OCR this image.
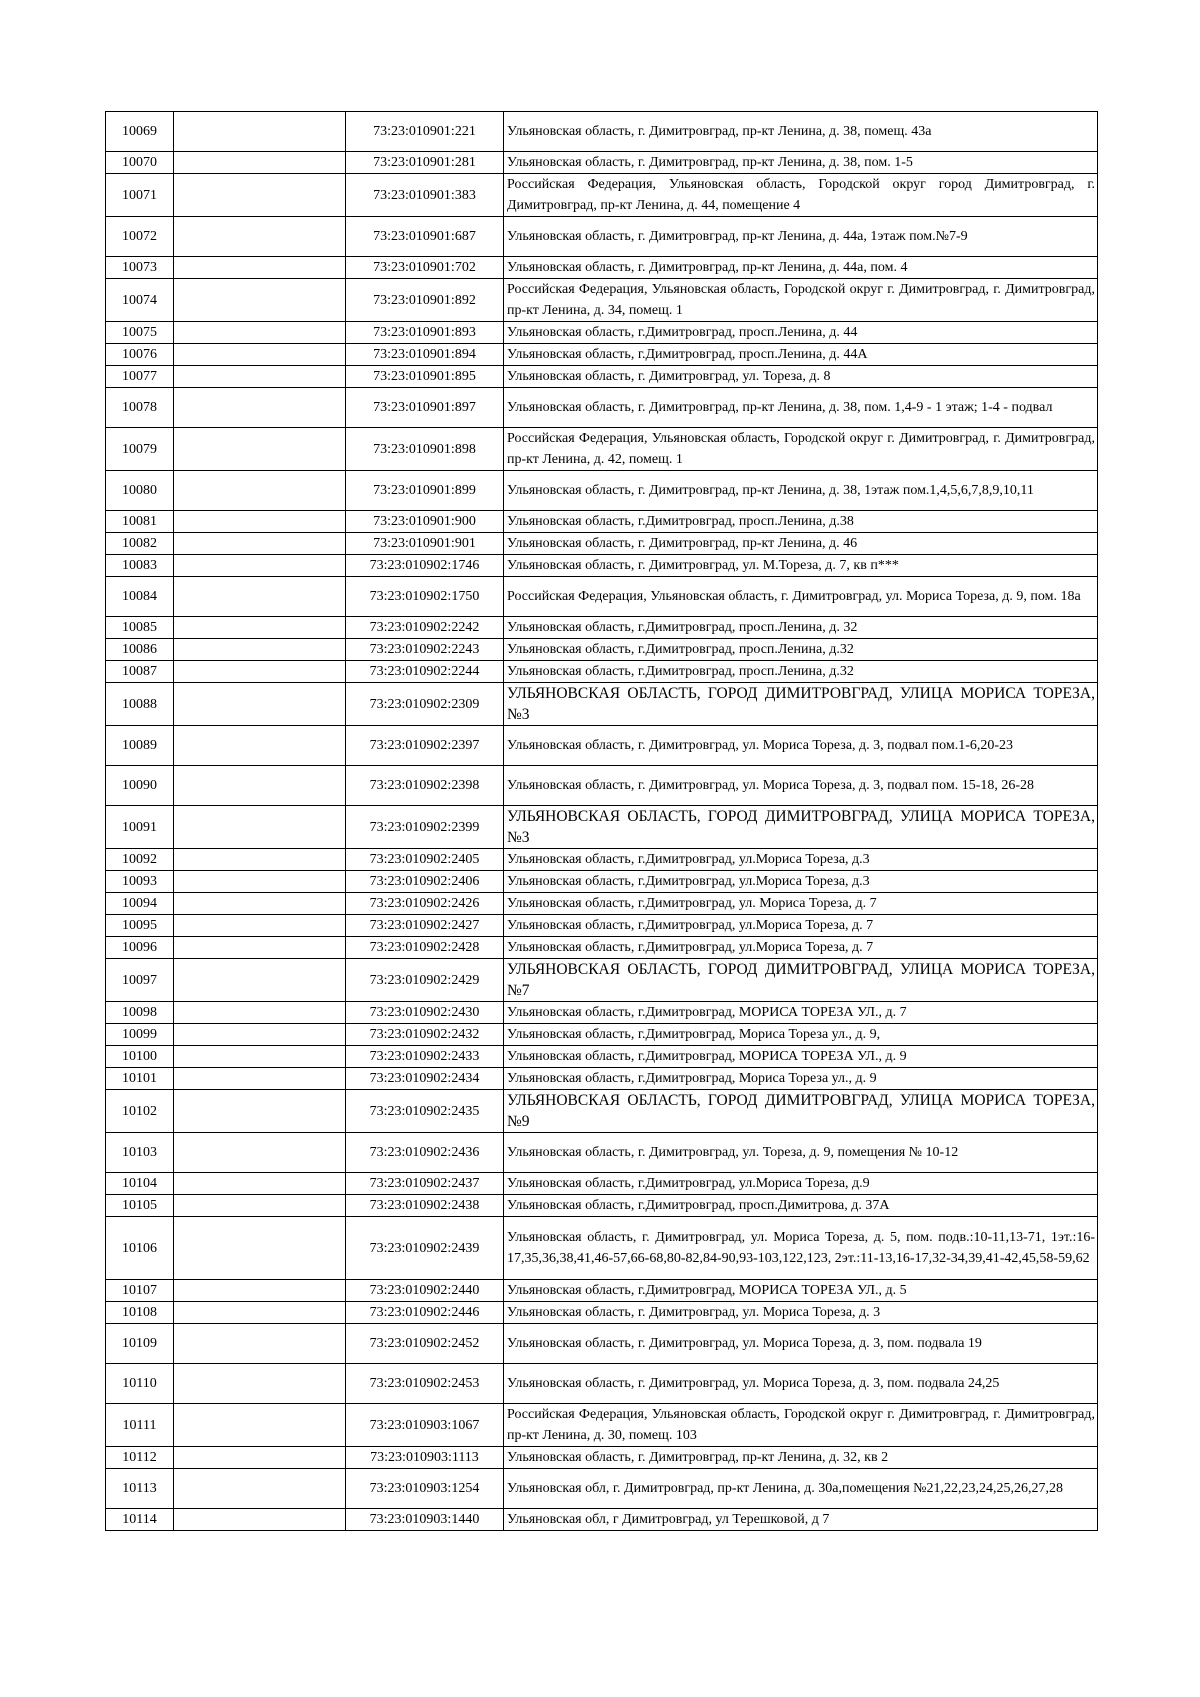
10069		73:23:010901:221	Ульяновская область, г. Димитровград, пр-кт Ленина, д. 38, помещ. 43а
10070		73:23:010901:281	Ульяновская область, г. Димитровград, пр-кт Ленина, д. 38, пом. 1-5
10071		73:23:010901:383	Российская Федерация, Ульяновская область, Городской округ город Димитровград, г. Димитровград, пр-кт Ленина, д. 44, помещение 4
10072		73:23:010901:687	Ульяновская область, г. Димитровград, пр-кт Ленина, д. 44а, 1этаж пом.№7-9
10073		73:23:010901:702	Ульяновская область, г. Димитровград, пр-кт Ленина, д. 44а, пом. 4
10074		73:23:010901:892	Российская Федерация, Ульяновская область, Городской округ г. Димитровград, г. Димитровград, пр-кт Ленина, д. 34, помещ. 1
10075		73:23:010901:893	Ульяновская область, г.Димитровград, просп.Ленина, д. 44
10076		73:23:010901:894	Ульяновская область, г.Димитровград, просп.Ленина, д. 44А
10077		73:23:010901:895	Ульяновская область, г. Димитровград, ул. Тореза, д. 8
10078		73:23:010901:897	Ульяновская область, г. Димитровград, пр-кт Ленина, д. 38, пом. 1,4-9 - 1 этаж; 1-4 - подвал
10079		73:23:010901:898	Российская Федерация, Ульяновская область, Городской округ г. Димитровград, г. Димитровград, пр-кт Ленина, д. 42, помещ. 1
10080		73:23:010901:899	Ульяновская область, г. Димитровград, пр-кт Ленина, д. 38, 1этаж пом.1,4,5,6,7,8,9,10,11
10081		73:23:010901:900	Ульяновская область, г.Димитровград, просп.Ленина, д.38
10082		73:23:010901:901	Ульяновская область, г. Димитровград, пр-кт Ленина, д. 46
10083		73:23:010902:1746	Ульяновская область, г. Димитровград, ул. М.Тореза, д. 7, кв п***
10084		73:23:010902:1750	Российская Федерация, Ульяновская область, г. Димитровград, ул. Мориса Тореза, д. 9, пом. 18а
10085		73:23:010902:2242	Ульяновская область, г.Димитровград, просп.Ленина, д. 32
10086		73:23:010902:2243	Ульяновская область, г.Димитровград, просп.Ленина, д.32
10087		73:23:010902:2244	Ульяновская область, г.Димитровград, просп.Ленина, д.32
10088		73:23:010902:2309	УЛЬЯНОВСКАЯ ОБЛАСТЬ, ГОРОД ДИМИТРОВГРАД, УЛИЦА МОРИСА ТОРЕЗА, №3
10089		73:23:010902:2397	Ульяновская область, г. Димитровград, ул. Мориса Тореза, д. 3, подвал пом.1-6,20-23
10090		73:23:010902:2398	Ульяновская область, г. Димитровград, ул. Мориса Тореза, д. 3, подвал пом. 15-18, 26-28
10091		73:23:010902:2399	УЛЬЯНОВСКАЯ ОБЛАСТЬ, ГОРОД ДИМИТРОВГРАД, УЛИЦА МОРИСА ТОРЕЗА, №3
10092		73:23:010902:2405	Ульяновская область, г.Димитровград, ул.Мориса Тореза, д.3
10093		73:23:010902:2406	Ульяновская область, г.Димитровград, ул.Мориса Тореза, д.3
10094		73:23:010902:2426	Ульяновская область, г.Димитровград, ул. Мориса Тореза, д. 7
10095		73:23:010902:2427	Ульяновская область, г.Димитровград, ул.Мориса Тореза, д. 7
10096		73:23:010902:2428	Ульяновская область, г.Димитровград, ул.Мориса Тореза, д. 7
10097		73:23:010902:2429	УЛЬЯНОВСКАЯ ОБЛАСТЬ, ГОРОД ДИМИТРОВГРАД, УЛИЦА МОРИСА ТОРЕЗА, №7
10098		73:23:010902:2430	Ульяновская область, г.Димитровград, МОРИСА ТОРЕЗА УЛ., д. 7
10099		73:23:010902:2432	Ульяновская область, г.Димитровград, Мориса Тореза ул., д. 9,
10100		73:23:010902:2433	Ульяновская область, г.Димитровград, МОРИСА ТОРЕЗА УЛ., д. 9
10101		73:23:010902:2434	Ульяновская область, г.Димитровград, Мориса Тореза ул., д. 9
10102		73:23:010902:2435	УЛЬЯНОВСКАЯ ОБЛАСТЬ, ГОРОД ДИМИТРОВГРАД, УЛИЦА МОРИСА ТОРЕЗА, №9
10103		73:23:010902:2436	Ульяновская область, г. Димитровград, ул. Тореза, д. 9, помещения № 10-12
10104		73:23:010902:2437	Ульяновская область, г.Димитровград, ул.Мориса Тореза, д.9
10105		73:23:010902:2438	Ульяновская область, г.Димитровград, просп.Димитрова, д. 37А
10106		73:23:010902:2439	Ульяновская область, г. Димитровград, ул. Мориса Тореза, д. 5, пом. подв.:10-11,13-71, 1эт.:16-17,35,36,38,41,46-57,66-68,80-82,84-90,93-103,122,123, 2эт.:11-13,16-17,32-34,39,41-42,45,58-59,62
10107		73:23:010902:2440	Ульяновская область, г.Димитровград, МОРИСА ТОРЕЗА УЛ., д. 5
10108		73:23:010902:2446	Ульяновская область, г. Димитровград, ул. Мориса Тореза, д. 3
10109		73:23:010902:2452	Ульяновская область, г. Димитровград, ул. Мориса Тореза, д. 3, пом. подвала 19
10110		73:23:010902:2453	Ульяновская область, г. Димитровград, ул. Мориса Тореза, д. 3, пом. подвала 24,25
10111		73:23:010903:1067	Российская Федерация, Ульяновская область, Городской округ г. Димитровград, г. Димитровград, пр-кт Ленина, д. 30, помещ. 103
10112		73:23:010903:1113	Ульяновская область, г. Димитровград, пр-кт Ленина, д. 32, кв 2
10113		73:23:010903:1254	Ульяновская обл, г. Димитровград, пр-кт Ленина, д. 30а,помещения №21,22,23,24,25,26,27,28
10114		73:23:010903:1440	Ульяновская обл, г Димитровград, ул Терешковой, д 7
